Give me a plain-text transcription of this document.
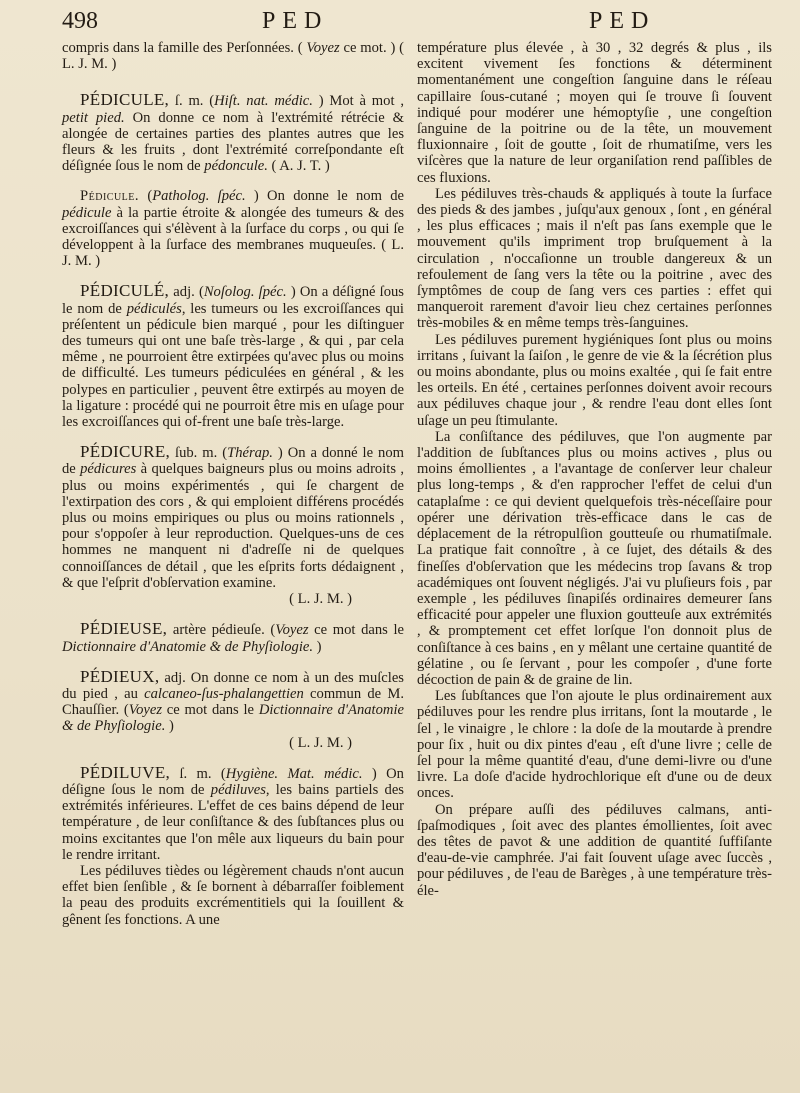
498	PED	PED

compris dans la famille des Perſonnées. ( Voyez ce mot. ) ( L. J. M. )

PÉDICULE, ſ. m. (Hiſt. nat. médic. ) Mot à mot , petit pied. On donne ce nom à l'extrémité rétrécie & alongée de certaines parties des plantes autres que les fleurs & les fruits , dont l'extrémité correſpondante eſt déſignée ſous le nom de pédoncule. ( A. J. T. )

Pédicule. (Patholog. ſpéc. ) On donne le nom de pédicule à la partie étroite & alongée des tumeurs & des excroiſſances qui s'élèvent à la ſurface du corps , ou qui ſe développent à la ſurface des membranes muqueuſes. ( L. J. M. )

PÉDICULÉ, adj. (Noſolog. ſpéc. ) On a déſigné ſous le nom de pédiculés, les tumeurs ou les excroiſſances qui préſentent un pédicule bien marqué , pour les diſtinguer des tumeurs qui ont une baſe très-large , & qui , par cela même , ne pourroient être extirpées qu'avec plus ou moins de difficulté. Les tumeurs pédiculées en général , & les polypes en particulier , peuvent être extirpés au moyen de la ligature : procédé qui ne pourroit être mis en uſage pour les excroiſſances qui of-frent une baſe très-large.

PÉDICURE, ſub. m. (Thérap. ) On a donné le nom de pédicures à quelques baigneurs plus ou moins adroits , plus ou moins expérimentés , qui ſe chargent de l'extirpation des cors , & qui emploient différens procédés plus ou moins empiriques ou plus ou moins rationnels , pour s'oppoſer à leur reproduction. Quelques-uns de ces hommes ne manquent ni d'adreſſe ni de quelques connoiſſances de détail , que les eſprits forts dédaignent , & que l'eſprit d'obſervation examine.

( L. J. M. )

PÉDIEUSE, artère pédieuſe. (Voyez ce mot dans le Dictionnaire d'Anatomie & de Phyſiologie. )

PÉDIEUX, adj. On donne ce nom à un des muſcles du pied , au calcaneo-ſus-phalangettien commun de M. Chauſſier. (Voyez ce mot dans le Dictionnaire d'Anatomie & de Phyſiologie. )

( L. J. M. )

PÉDILUVE, ſ. m. (Hygiène. Mat. médic. ) On déſigne ſous le nom de pédiluves, les bains partiels des extrémités inférieures. L'effet de ces bains dépend de leur température , de leur conſiſtance & des ſubſtances plus ou moins excitantes que l'on mêle aux liqueurs du bain pour le rendre irritant.

Les pédiluves tièdes ou légèrement chauds n'ont aucun effet bien ſenſible , & ſe bornent à débarraſſer foiblement la peau des produits excrémentitiels qui la ſouillent & gênent ſes fonctions. A une

température plus élevée , à 30 , 32 degrés & plus , ils excitent vivement ſes fonctions & déterminent momentanément une congeſtion ſanguine dans le réſeau capillaire ſous-cutané ; moyen qui ſe trouve ſi ſouvent indiqué pour modérer une hémoptyſie , une congeſtion ſanguine de la poitrine ou de la tête, un mouvement fluxionnaire , ſoit de goutte , ſoit de rhumatiſme, vers les viſcères que la nature de leur organiſation rend paſſibles de ces fluxions.

Les pédiluves très-chauds & appliqués à toute la ſurface des pieds & des jambes , juſqu'aux genoux , ſont , en général , les plus efficaces ; mais il n'eſt pas ſans exemple que le mouvement qu'ils impriment trop bruſquement à la circulation , n'occaſionne un trouble dangereux & un refoulement de ſang vers la tête ou la poitrine , avec des ſymptômes de coup de ſang vers ces parties : effet qui manqueroit rarement d'avoir lieu chez certaines perſonnes très-mobiles & en même temps très-ſanguines.

Les pédiluves purement hygiéniques ſont plus ou moins irritans , ſuivant la ſaiſon , le genre de vie & la ſécrétion plus ou moins abondante, plus ou moins exaltée , qui ſe fait entre les orteils. En été , certaines perſonnes doivent avoir recours aux pédiluves chaque jour , & rendre l'eau dont elles ſont uſage un peu ſtimulante.

La conſiſtance des pédiluves, que l'on augmente par l'addition de ſubſtances plus ou moins actives , plus ou moins émollientes , a l'avantage de conſerver leur chaleur plus long-temps , & d'en rapprocher l'effet de celui d'un cataplaſme : ce qui devient quelquefois très-néceſſaire pour opérer une dérivation très-efficace dans le cas de déplacement de la rétropulſion goutteuſe ou rhumatiſmale. La pratique fait connoître , à ce ſujet, des détails & des fineſſes d'obſervation que les médecins trop ſavans & trop académiques ont ſouvent négligés. J'ai vu pluſieurs fois , par exemple , les pédiluves ſinapiſés ordinaires demeurer ſans efficacité pour appeler une fluxion goutteuſe aux extrémités , & promptement cet effet lorſque l'on donnoit plus de conſiſtance à ces bains , en y mêlant une certaine quantité de gélatine , ou ſe ſervant , pour les compoſer , d'une forte décoction de pain & de graine de lin.

Les ſubſtances que l'on ajoute le plus ordinairement aux pédiluves pour les rendre plus irritans, ſont la moutarde , le ſel , le vinaigre , le chlore : la doſe de la moutarde à prendre pour ſix , huit ou dix pintes d'eau , eſt d'une livre ; celle de ſel pour la même quantité d'eau, d'une demi-livre ou d'une livre. La doſe d'acide hydrochlorique eſt d'une ou de deux onces.

On prépare auſſi des pédiluves calmans, anti-ſpaſmodiques , ſoit avec des plantes émollientes, ſoit avec des têtes de pavot & une addition de quantité ſuffiſante d'eau-de-vie camphrée. J'ai fait ſouvent uſage avec ſuccès , pour pédiluves , de l'eau de Barèges , à une température très-éle-
